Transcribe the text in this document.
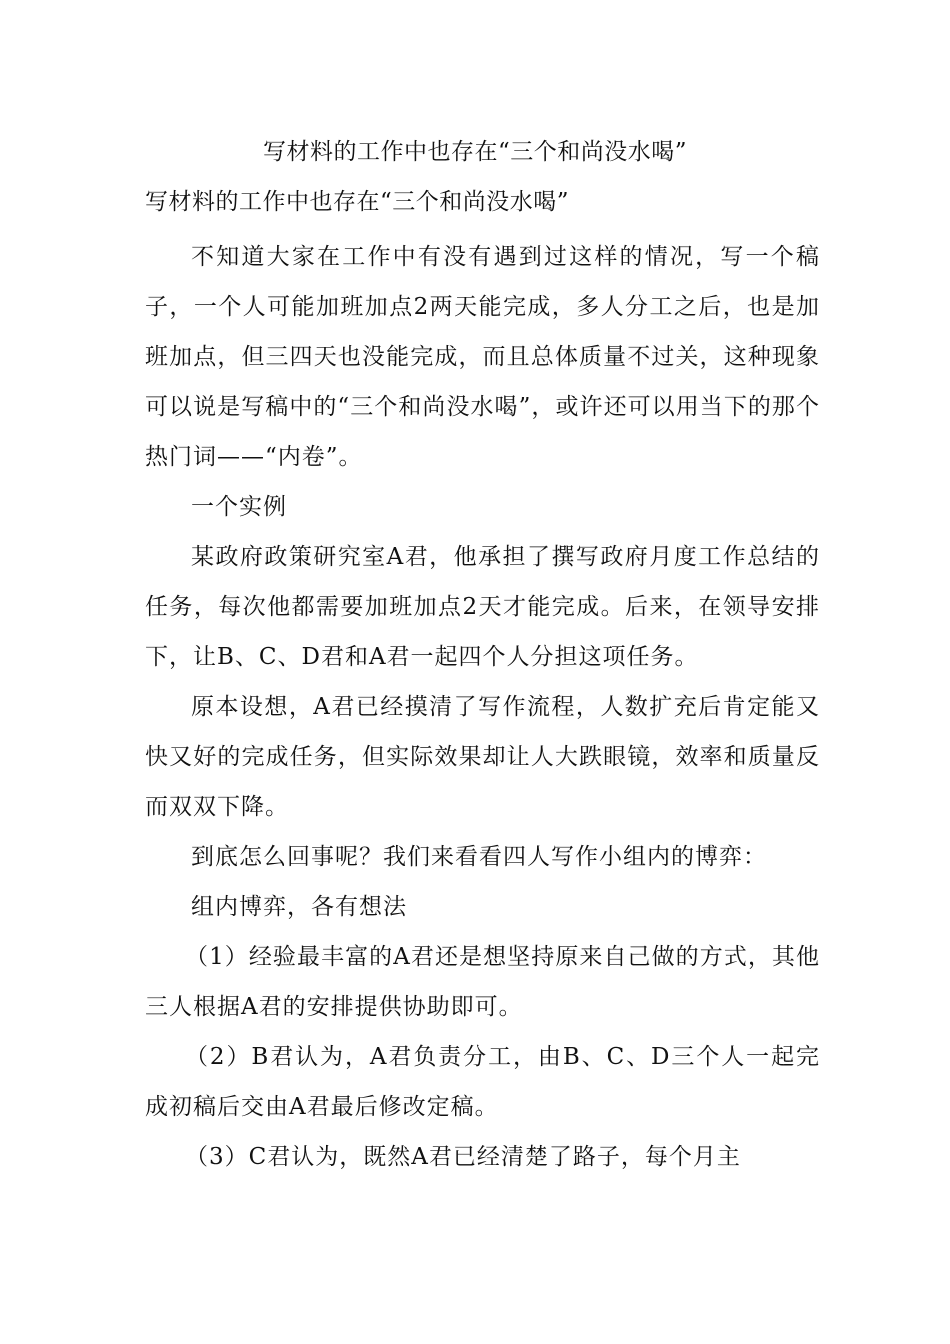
写材料的工作中也存在“三个和尚没水喝”
写材料的工作中也存在“三个和尚没水喝”

不知道大家在工作中有没有遇到过这样的情况，写一个稿子，一个人可能加班加点2两天能完成，多人分工之后，也是加班加点，但三四天也没能完成，而且总体质量不过关，这种现象可以说是写稿中的“三个和尚没水喝”，或许还可以用当下的那个热门词——“内卷”。

一个实例

某政府政策研究室A君，他承担了撰写政府月度工作总结的任务，每次他都需要加班加点2天才能完成。后来，在领导安排下，让B、C、D君和A君一起四个人分担这项任务。

原本设想，A君已经摸清了写作流程，人数扩充后肯定能又快又好的完成任务，但实际效果却让人大跌眼镜，效率和质量反而双双下降。

到底怎么回事呢？我们来看看四人写作小组内的博弈：

组内博弈，各有想法

（1）经验最丰富的A君还是想坚持原来自己做的方式，其他三人根据A君的安排提供协助即可。

（2）B君认为，A君负责分工，由B、C、D三个人一起完成初稿后交由A君最后修改定稿。

（3）C君认为，既然A君已经清楚了路子，每个月主
